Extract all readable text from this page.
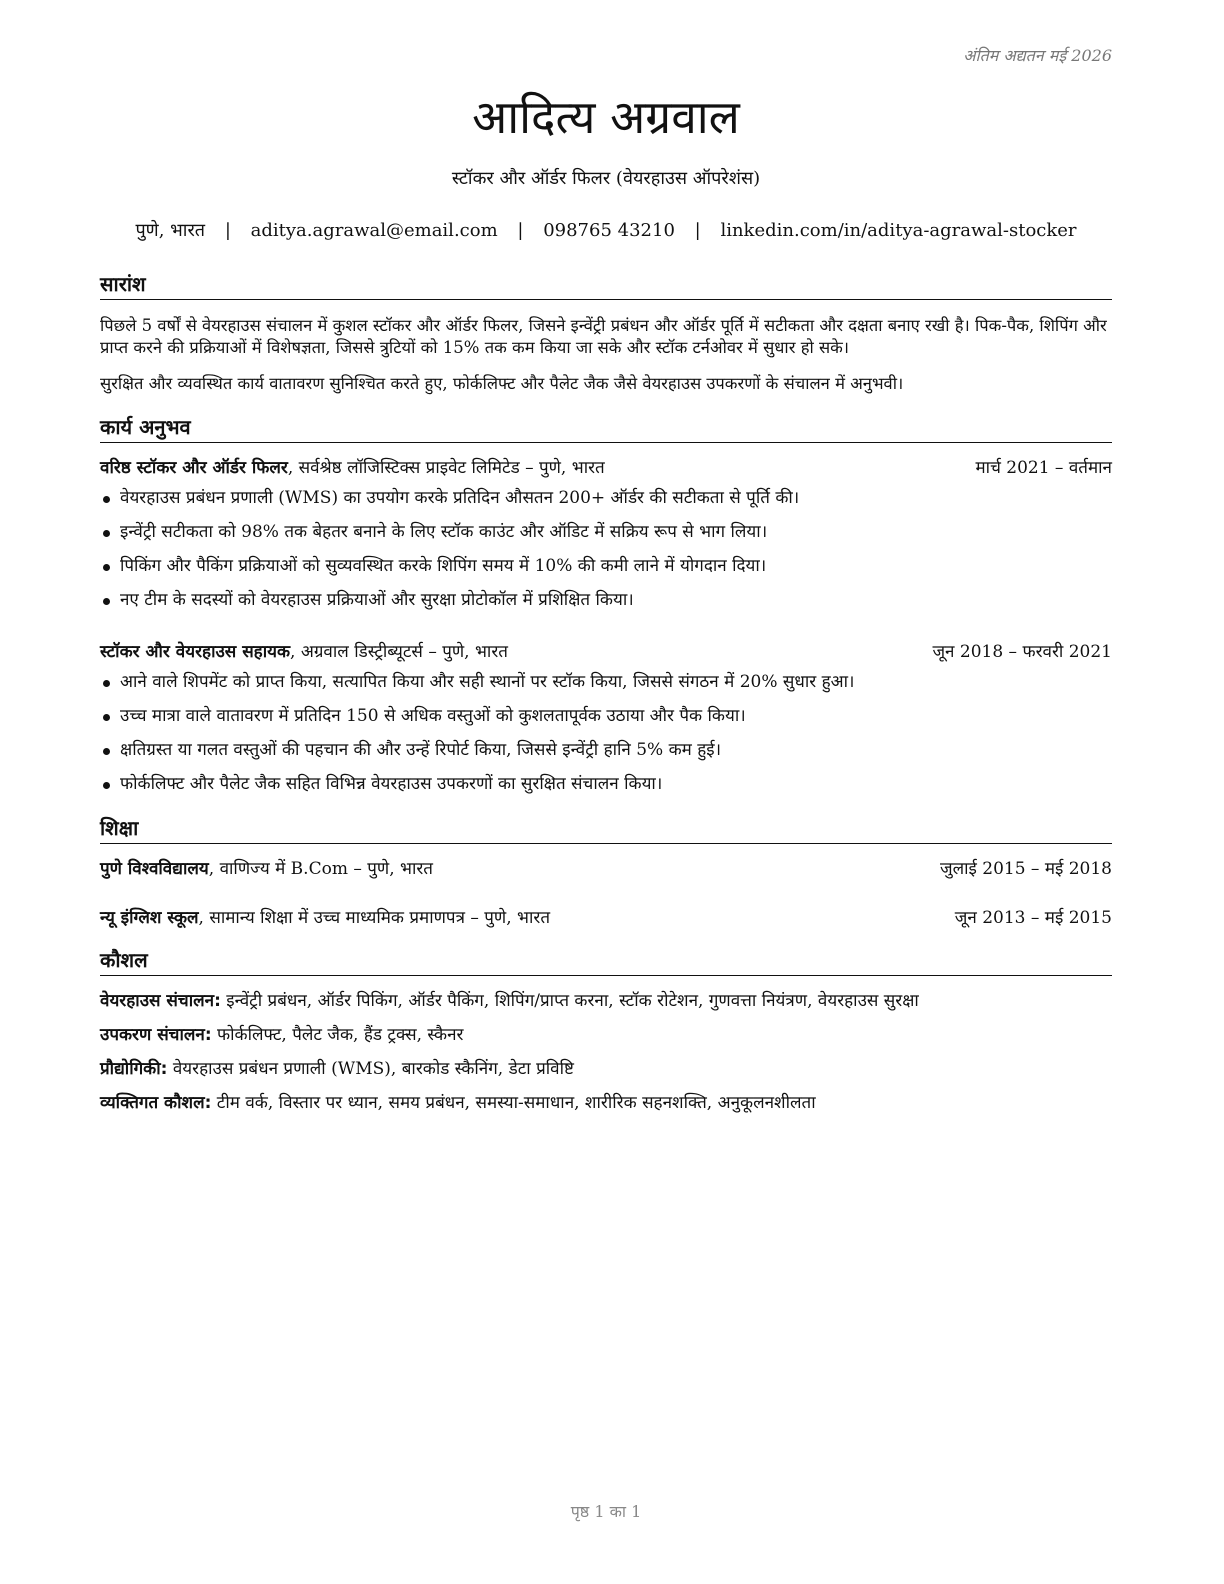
अंतिम अद्यतन मई 2026
आदित्य अग्रवाल
स्टॉकर और ऑर्डर फिलर (वेयरहाउस ऑपरेशंस)
पुणे, भारत | aditya.agrawal@email.com | 098765 43210 | linkedin.com/in/aditya-agrawal-stocker
सारांश
पिछले 5 वर्षों से वेयरहाउस संचालन में कुशल स्टॉकर और ऑर्डर फिलर, जिसने इन्वेंट्री प्रबंधन और ऑर्डर पूर्ति में सटीकता और दक्षता बनाए रखी है। पिक-पैक, शिपिंग और प्राप्त करने की प्रक्रियाओं में विशेषज्ञता, जिससे त्रुटियों को 15% तक कम किया जा सके और स्टॉक टर्नओवर में सुधार हो सके।
सुरक्षित और व्यवस्थित कार्य वातावरण सुनिश्चित करते हुए, फोर्कलिफ्ट और पैलेट जैक जैसे वेयरहाउस उपकरणों के संचालन में अनुभवी।
कार्य अनुभव
वरिष्ठ स्टॉकर और ऑर्डर फिलर, सर्वश्रेष्ठ लॉजिस्टिक्स प्राइवेट लिमिटेड – पुणे, भारत	मार्च 2021 – वर्तमान
वेयरहाउस प्रबंधन प्रणाली (WMS) का उपयोग करके प्रतिदिन औसतन 200+ ऑर्डर की सटीकता से पूर्ति की।
इन्वेंट्री सटीकता को 98% तक बेहतर बनाने के लिए स्टॉक काउंट और ऑडिट में सक्रिय रूप से भाग लिया।
पिकिंग और पैकिंग प्रक्रियाओं को सुव्यवस्थित करके शिपिंग समय में 10% की कमी लाने में योगदान दिया।
नए टीम के सदस्यों को वेयरहाउस प्रक्रियाओं और सुरक्षा प्रोटोकॉल में प्रशिक्षित किया।
स्टॉकर और वेयरहाउस सहायक, अग्रवाल डिस्ट्रीब्यूटर्स – पुणे, भारत	जून 2018 – फरवरी 2021
आने वाले शिपमेंट को प्राप्त किया, सत्यापित किया और सही स्थानों पर स्टॉक किया, जिससे संगठन में 20% सुधार हुआ।
उच्च मात्रा वाले वातावरण में प्रतिदिन 150 से अधिक वस्तुओं को कुशलतापूर्वक उठाया और पैक किया।
क्षतिग्रस्त या गलत वस्तुओं की पहचान की और उन्हें रिपोर्ट किया, जिससे इन्वेंट्री हानि 5% कम हुई।
फोर्कलिफ्ट और पैलेट जैक सहित विभिन्न वेयरहाउस उपकरणों का सुरक्षित संचालन किया।
शिक्षा
पुणे विश्वविद्यालय, वाणिज्य में B.Com – पुणे, भारत	जुलाई 2015 – मई 2018
न्यू इंग्लिश स्कूल, सामान्य शिक्षा में उच्च माध्यमिक प्रमाणपत्र – पुणे, भारत	जून 2013 – मई 2015
कौशल
वेयरहाउस संचालन: इन्वेंट्री प्रबंधन, ऑर्डर पिकिंग, ऑर्डर पैकिंग, शिपिंग/प्राप्त करना, स्टॉक रोटेशन, गुणवत्ता नियंत्रण, वेयरहाउस सुरक्षा
उपकरण संचालन: फोर्कलिफ्ट, पैलेट जैक, हैंड ट्रक्स, स्कैनर
प्रौद्योगिकी: वेयरहाउस प्रबंधन प्रणाली (WMS), बारकोड स्कैनिंग, डेटा प्रविष्टि
व्यक्तिगत कौशल: टीम वर्क, विस्तार पर ध्यान, समय प्रबंधन, समस्या-समाधान, शारीरिक सहनशक्ति, अनुकूलनशीलता
पृष्ठ 1 का 1
